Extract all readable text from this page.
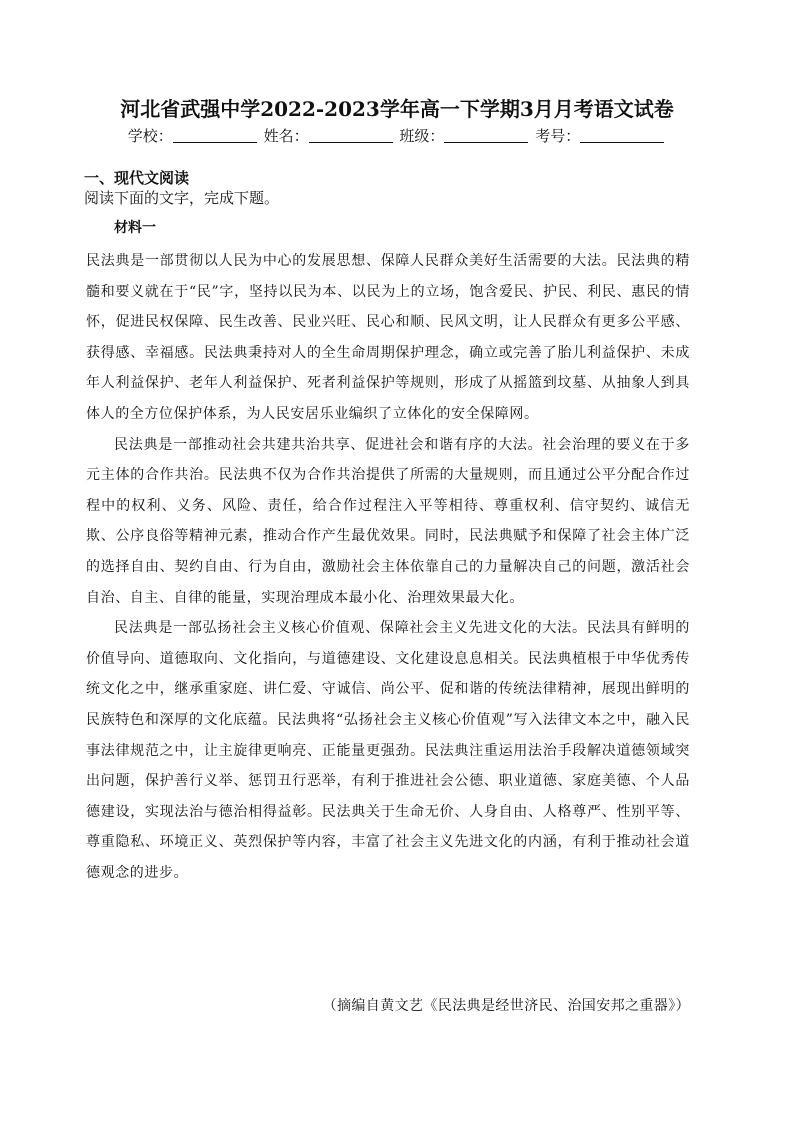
河北省武强中学2022-2023学年高一下学期3月月考语文试卷
学校：	姓名：	班级：	考号：
一、现代文阅读
阅读下面的文字，完成下题。
材料一

民法典是一部贯彻以人民为中心的发展思想、保障人民群众美好生活需要的大法。民法典的精髓和要义就在于“民”字，坚持以民为本、以民为上的立场，饱含爱民、护民、利民、惠民的情怀，促进民权保障、民生改善、民业兴旺、民心和顺、民风文明，让人民群众有更多公平感、获得感、幸福感。民法典秉持对人的全生命周期保护理念，确立或完善了胎儿利益保护、未成年人利益保护、老年人利益保护、死者利益保护等规则，形成了从摇篮到坟墓、从抽象人到具体人的全方位保护体系，为人民安居乐业编织了立体化的安全保障网。

民法典是一部推动社会共建共治共享、促进社会和谐有序的大法。社会治理的要义在于多元主体的合作共治。民法典不仅为合作共治提供了所需的大量规则，而且通过公平分配合作过程中的权利、义务、风险、责任，给合作过程注入平等相待、尊重权利、信守契约、诚信无欺、公序良俗等精神元素，推动合作产生最优效果。同时，民法典赋予和保障了社会主体广泛的选择自由、契约自由、行为自由，激励社会主体依靠自己的力量解决自己的问题，激活社会自治、自主、自律的能量，实现治理成本最小化、治理效果最大化。

民法典是一部弘扬社会主义核心价值观、保障社会主义先进文化的大法。民法具有鲜明的价值导向、道德取向、文化指向，与道德建设、文化建设息息相关。民法典植根于中华优秀传统文化之中，继承重家庭、讲仁爱、守诚信、尚公平、促和谐的传统法律精神，展现出鲜明的民族特色和深厚的文化底蕴。民法典将“弘扬社会主义核心价值观”写入法律文本之中，融入民事法律规范之中，让主旋律更响亮、正能量更强劲。民法典注重运用法治手段解决道德领域突出问题，保护善行义举、惩罚丑行恶举，有利于推进社会公德、职业道德、家庭美德、个人品德建设，实现法治与德治相得益彰。民法典关于生命无价、人身自由、人格尊严、性别平等、尊重隐私、环境正义、英烈保护等内容，丰富了社会主义先进文化的内涵，有利于推动社会道德观念的进步。

（摘编自黄文艺《民法典是经世济民、治国安邦之重器》）
